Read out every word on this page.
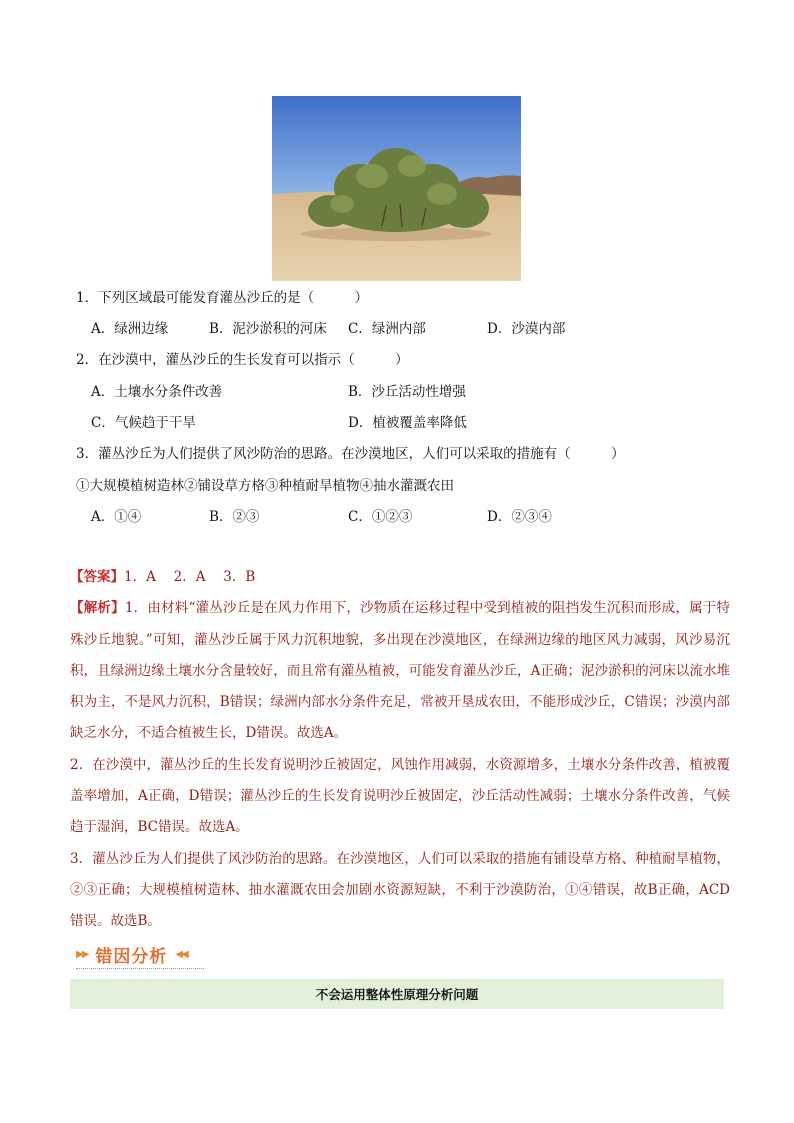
1．下列区域最可能发育灌丛沙丘的是（　　　）
A．绿洲边缘	B．泥沙淤积的河床 C．绿洲内部	D．沙漠内部
2．在沙漠中，灌丛沙丘的生长发育可以指示（　　　）
A．土壤水分条件改善	B．沙丘活动性增强
C．气候趋于干旱	D．植被覆盖率降低
3．灌丛沙丘为人们提供了风沙防治的思路。在沙漠地区，人们可以采取的措施有（　　　）
①大规模植树造林②铺设草方格③种植耐旱植物④抽水灌溉农田
A．①④	B．②③	C．①②③	D．②③④

【答案】1．A　 2．A　 3．B

【解析】1．由材料“灌丛沙丘是在风力作用下，沙物质在运移过程中受到植被的阻挡发生沉积而形成，属于特殊沙丘地貌。”可知，灌丛沙丘属于风力沉积地貌，多出现在沙漠地区，在绿洲边缘的地区风力减弱，风沙易沉积，且绿洲边缘土壤水分含量较好，而且常有灌丛植被，可能发育灌丛沙丘，A正确；泥沙淤积的河床以流水堆积为主，不是风力沉积，B错误；绿洲内部水分条件充足，常被开垦成农田，不能形成沙丘，C错误；沙漠内部缺乏水分，不适合植被生长，D错误。故选A。

2．在沙漠中，灌丛沙丘的生长发育说明沙丘被固定，风蚀作用减弱，水资源增多，土壤水分条件改善，植被覆盖率增加，A正确，D错误；灌丛沙丘的生长发育说明沙丘被固定，沙丘活动性减弱；土壤水分条件改善，气候趋于湿润，BC错误。故选A。

3．灌丛沙丘为人们提供了风沙防治的思路。在沙漠地区，人们可以采取的措施有铺设草方格、种植耐旱植物，②③正确；大规模植树造林、抽水灌溉农田会加剧水资源短缺，不利于沙漠防治，①④错误，故B正确，ACD错误。故选B。

▶▶ 错因分析 ◀◀
不会运用整体性原理分析问题
